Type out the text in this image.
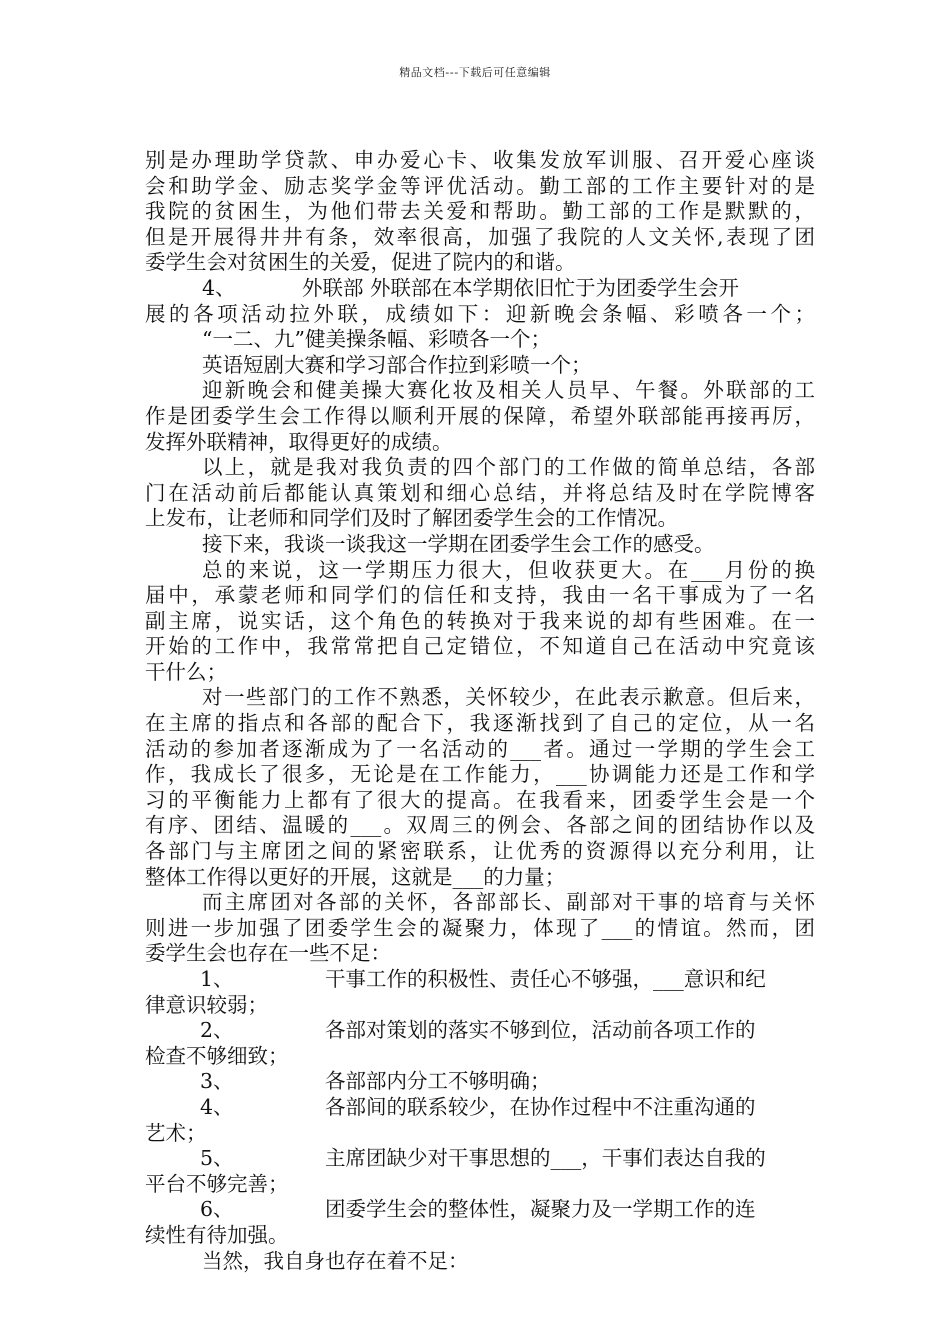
精品文档---下载后可任意编辑
别是办理助学贷款、申办爱心卡、收集发放军训服、召开爱心座谈
会和助学金、励志奖学金等评优活动。勤工部的工作主要针对的是
我院的贫困生，为他们带去关爱和帮助。勤工部的工作是默默的，
但是开展得井井有条，效率很高，加强了我院的人文关怀,表现了团
委学生会对贫困生的关爱，促进了院内的和谐。
4、	外联部 外联部在本学期依旧忙于为团委学生会开
展的各项活动拉外联，成绩如下：迎新晚会条幅、彩喷各一个；
“一二、九”健美操条幅、彩喷各一个；
英语短剧大赛和学习部合作拉到彩喷一个；
迎新晚会和健美操大赛化妆及相关人员早、午餐。外联部的工
作是团委学生会工作得以顺利开展的保障，希望外联部能再接再厉，
发挥外联精神，取得更好的成绩。
以上，就是我对我负责的四个部门的工作做的简单总结，各部
门在活动前后都能认真策划和细心总结，并将总结及时在学院博客
上发布，让老师和同学们及时了解团委学生会的工作情况。
接下来，我谈一谈我这一学期在团委学生会工作的感受。
总的来说，这一学期压力很大，但收获更大。在___月份的换
届中，承蒙老师和同学们的信任和支持，我由一名干事成为了一名
副主席，说实话，这个角色的转换对于我来说的却有些困难。在一
开始的工作中，我常常把自己定错位，不知道自己在活动中究竟该
干什么；
对一些部门的工作不熟悉，关怀较少，在此表示歉意。但后来，
在主席的指点和各部的配合下，我逐渐找到了自己的定位，从一名
活动的参加者逐渐成为了一名活动的___者。通过一学期的学生会工
作，我成长了很多，无论是在工作能力，___协调能力还是工作和学
习的平衡能力上都有了很大的提高。在我看来，团委学生会是一个
有序、团结、温暖的___。双周三的例会、各部之间的团结协作以及
各部门与主席团之间的紧密联系，让优秀的资源得以充分利用，让
整体工作得以更好的开展，这就是___的力量；
而主席团对各部的关怀，各部部长、副部对干事的培育与关怀
则进一步加强了团委学生会的凝聚力，体现了___的情谊。然而，团
委学生会也存在一些不足：
1、	干事工作的积极性、责任心不够强，___意识和纪
律意识较弱；
2、	各部对策划的落实不够到位，活动前各项工作的
检查不够细致；
3、	各部部内分工不够明确；
4、	各部间的联系较少，在协作过程中不注重沟通的
艺术；
5、	主席团缺少对干事思想的___，干事们表达自我的
平台不够完善；
6、	团委学生会的整体性，凝聚力及一学期工作的连
续性有待加强。
当然，我自身也存在着不足：
